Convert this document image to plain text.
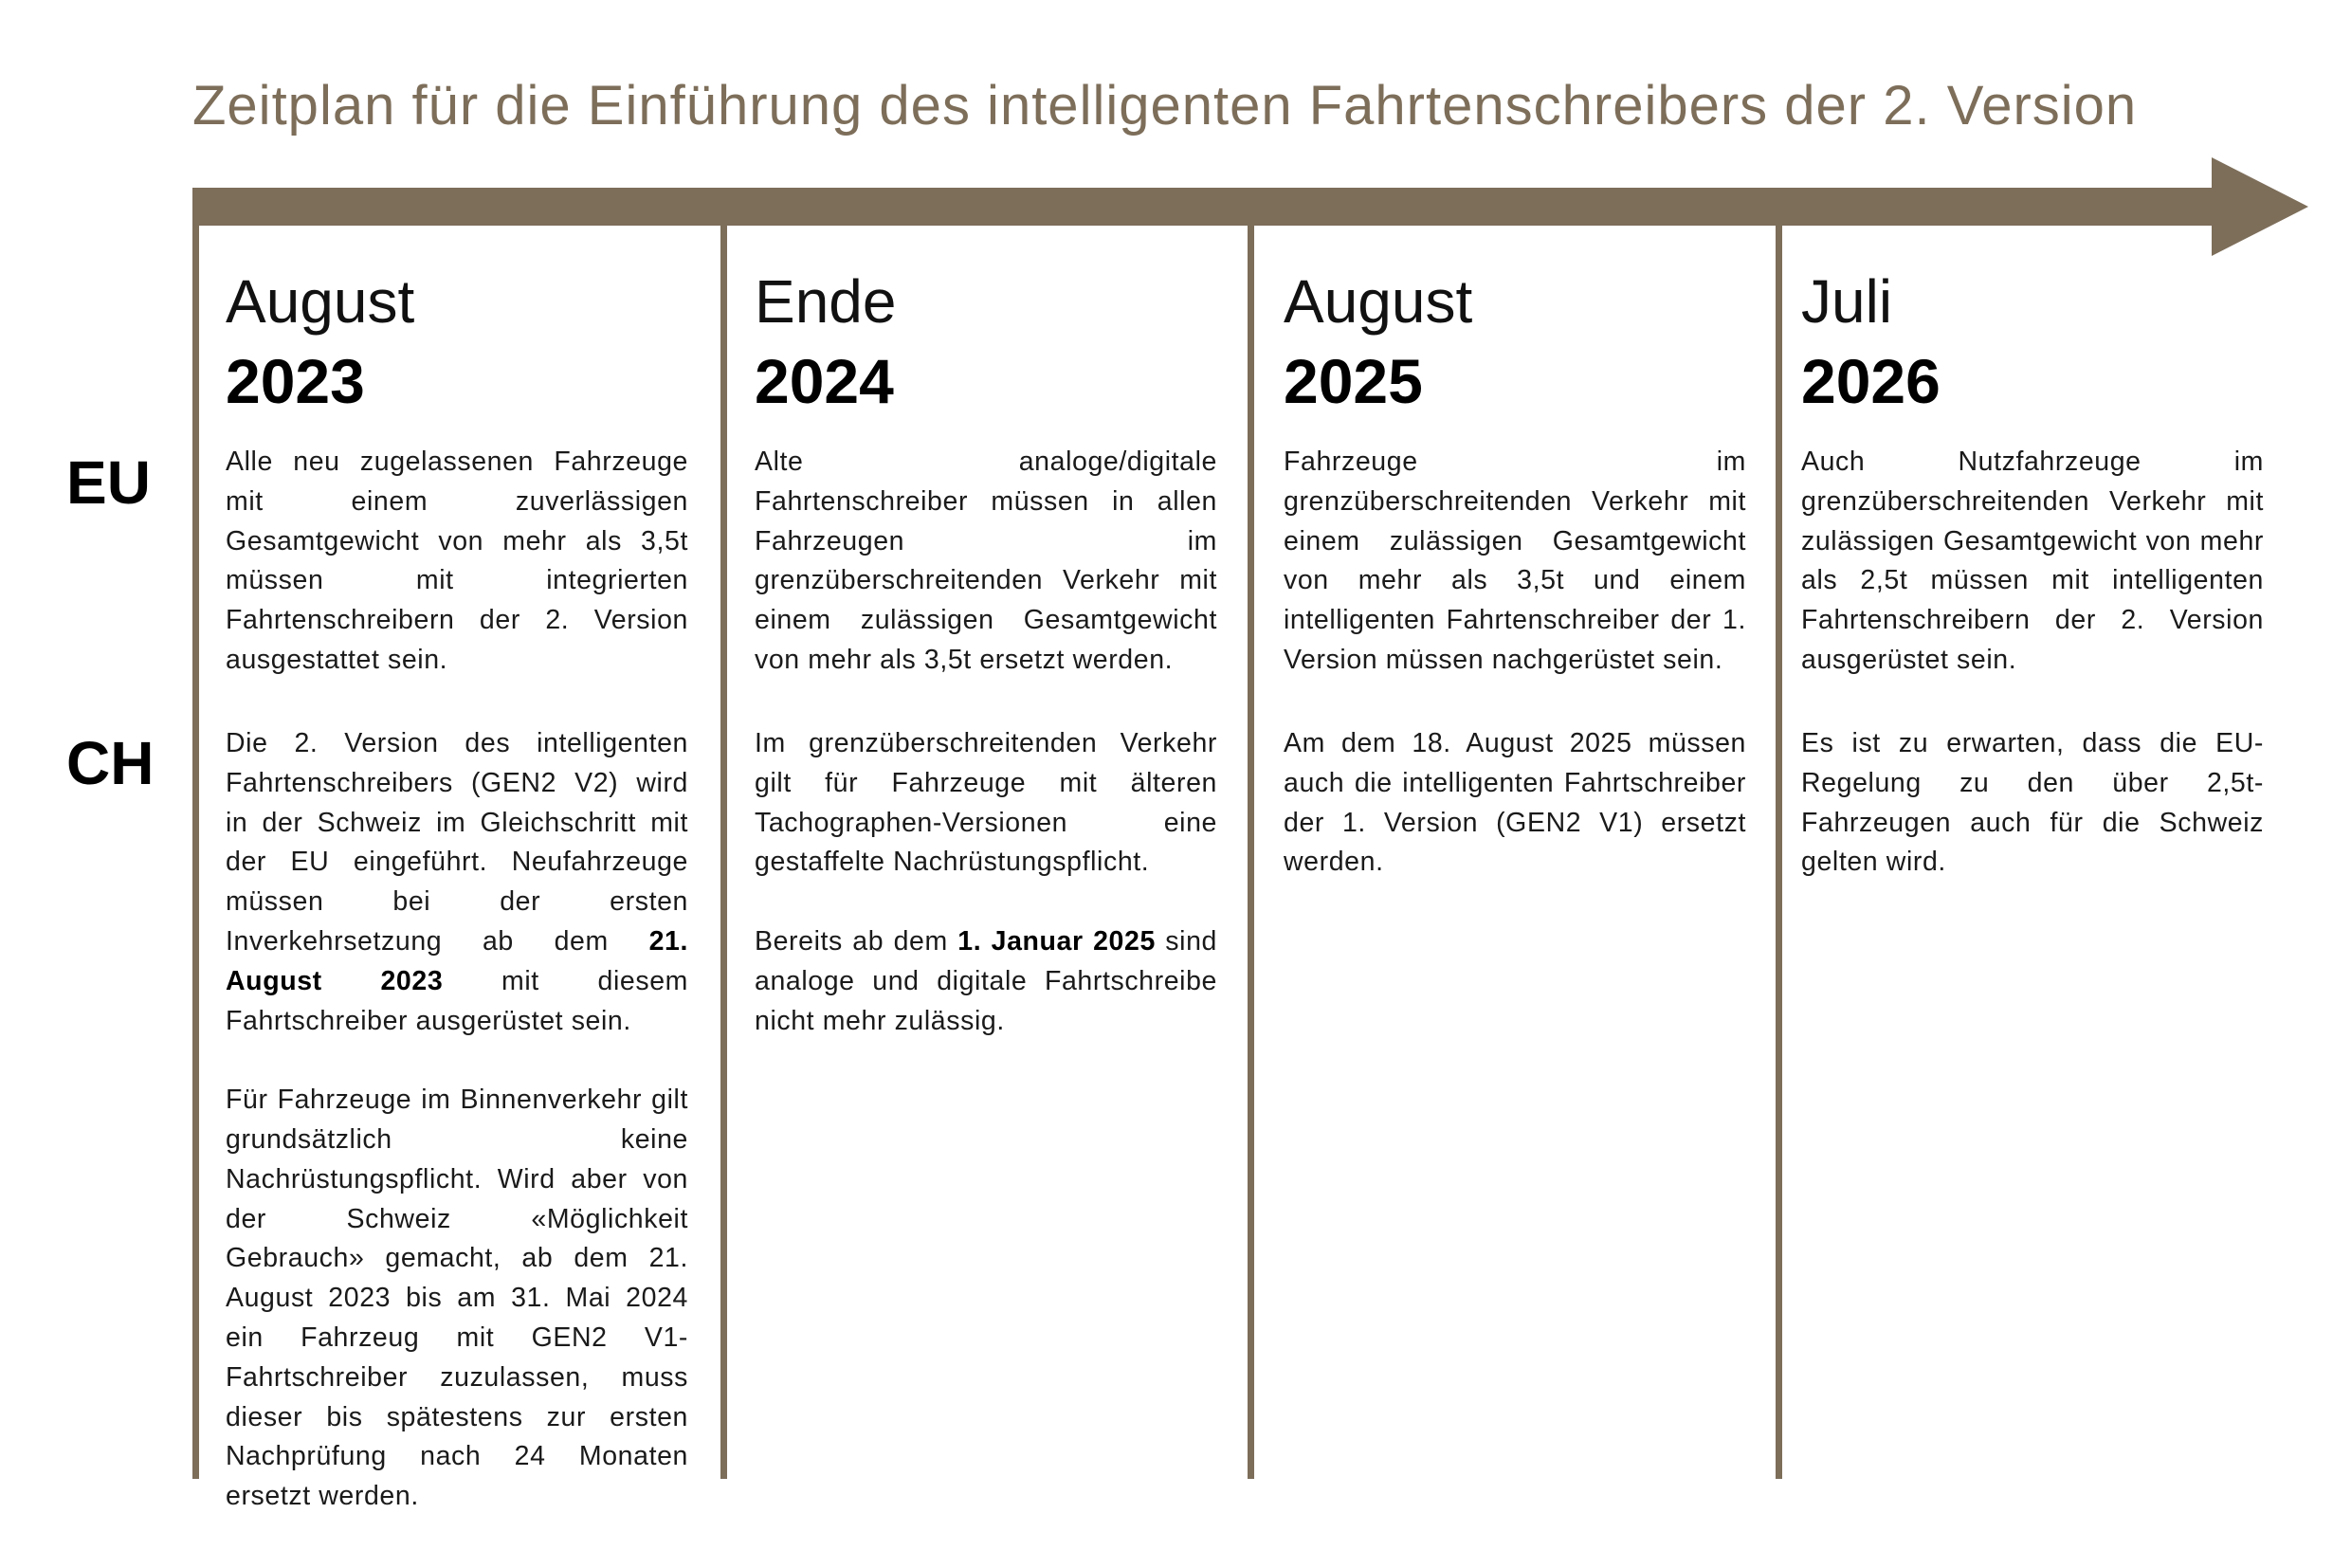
Zeitplan für die Einführung des intelligenten Fahrtenschreibers der 2. Version
EU
CH
August
2023

Alle neu zugelassenen Fahrzeuge mit einem zuverlässigen Gesamtgewicht von mehr als 3,5t müssen mit integrierten Fahrtenschreibern der 2. Version ausgestattet sein.

Die 2. Version des intelligenten Fahrtenschreibers (GEN2 V2) wird in der Schweiz im Gleichschritt mit der EU eingeführt. Neufahrzeuge müssen bei der ersten Inverkehrsetzung ab dem 21. August 2023 mit diesem Fahrtschreiber ausgerüstet sein.

Für Fahrzeuge im Binnenverkehr gilt grundsätzlich keine Nachrüstungspflicht. Wird aber von der Schweiz «Möglichkeit Gebrauch» gemacht, ab dem 21. August 2023 bis am 31. Mai 2024 ein Fahrzeug mit GEN2 V1-Fahrtschreiber zuzulassen, muss dieser bis spätestens zur ersten Nachprüfung nach 24 Monaten ersetzt werden.

Ende
2024

Alte analoge/digitale Fahrtenschreiber müssen in allen Fahrzeugen im grenzüberschreitenden Verkehr mit einem zulässigen Gesamtgewicht von mehr als 3,5t ersetzt werden.

Im grenzüberschreitenden Verkehr gilt für Fahrzeuge mit älteren Tachographen-Versionen eine gestaffelte Nachrüstungspflicht.

Bereits ab dem 1. Januar 2025 sind analoge und digitale Fahrtschreibe nicht mehr zulässig.

August
2025

Fahrzeuge im grenzüberschreitenden Verkehr mit einem zulässigen Gesamtgewicht von mehr als 3,5t und einem intelligenten Fahrtenschreiber der 1. Version müssen nachgerüstet sein.

Am dem 18. August 2025 müssen auch die intelligenten Fahrtschreiber der 1. Version (GEN2 V1) ersetzt werden.

Juli
2026

Auch Nutzfahrzeuge im grenzüberschreitenden Verkehr mit zulässigen Gesamtgewicht von mehr als 2,5t müssen mit intelligenten Fahrtenschreibern der 2. Version ausgerüstet sein.

Es ist zu erwarten, dass die EU-Regelung zu den über 2,5t-Fahrzeugen auch für die Schweiz gelten wird.
